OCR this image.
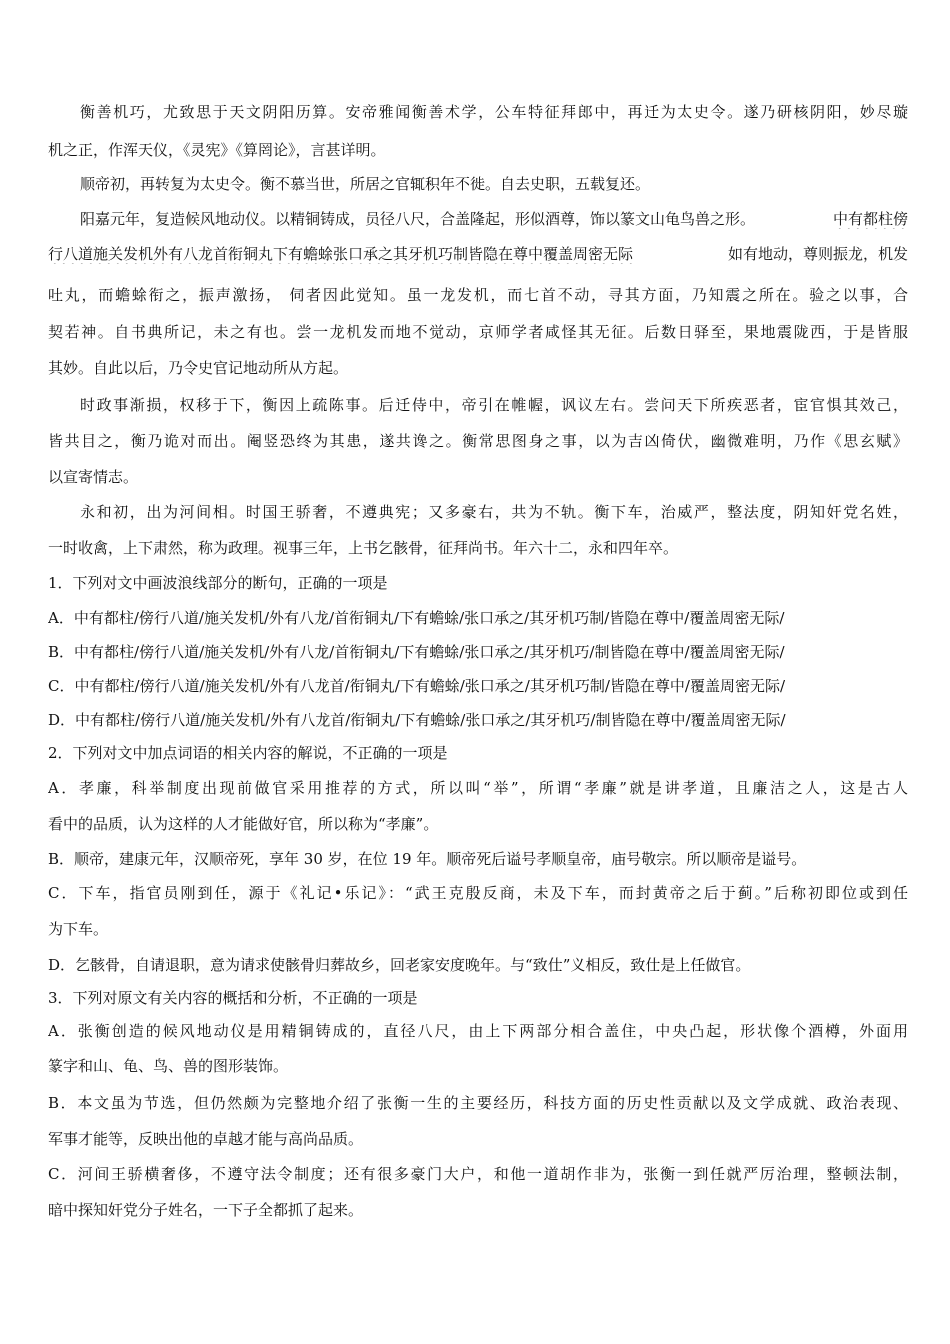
衡善机巧，尤致思于天文阴阳历算。安帝雅闻衡善术学，公车特征拜郎中，再迁为太史令。遂乃研核阴阳，妙尽璇
机之正，作浑天仪，《灵宪》《算罔论》，言甚详明。
顺帝初，再转复为太史令。衡不慕当世，所居之官辄积年不徙。自去史职，五载复还。
阳嘉元年，复造候风地动仪。以精铜铸成，员径八尺，合盖隆起，形似酒尊，饰以篆文山龟鸟兽之形。	中有都柱傍
行八道施关发机外有八龙首衔铜丸下有蟾蜍张口承之其牙机巧制皆隐在尊中覆盖周密无际	如有地动，尊则振龙，机发
吐丸，而蟾蜍衔之，振声激扬， 伺者因此觉知。虽一龙发机，而七首不动，寻其方面，乃知震之所在。验之以事，合
契若神。自书典所记，未之有也。尝一龙机发而地不觉动，京师学者咸怪其无征。后数日驿至，果地震陇西，于是皆服
其妙。自此以后，乃令史官记地动所从方起。
时政事渐损，权移于下，衡因上疏陈事。后迁侍中，帝引在帷幄，讽议左右。尝问天下所疾恶者，宦官惧其效己，
皆共目之，衡乃诡对而出。阉竖恐终为其患，遂共谗之。衡常思图身之事，以为吉凶倚伏，幽微难明，乃作《思玄赋》
以宣寄情志。
永和初，出为河间相。时国王骄奢，不遵典宪；又多豪右，共为不轨。衡下车，治威严，整法度，阴知奸党名姓，
一时收禽，上下肃然，称为政理。视事三年，上书乞骸骨，征拜尚书。年六十二，永和四年卒。
1．下列对文中画波浪线部分的断句，正确的一项是
A．中有都柱/傍行八道/施关发机/外有八龙/首衔铜丸/下有蟾蜍/张口承之/其牙机巧制/皆隐在尊中/覆盖周密无际/
B．中有都柱/傍行八道/施关发机/外有八龙/首衔铜丸/下有蟾蜍/张口承之/其牙机巧/制皆隐在尊中/覆盖周密无际/
C．中有都柱/傍行八道/施关发机/外有八龙首/衔铜丸/下有蟾蜍/张口承之/其牙机巧制/皆隐在尊中/覆盖周密无际/
D．中有都柱/傍行八道/施关发机/外有八龙首/衔铜丸/下有蟾蜍/张口承之/其牙机巧/制皆隐在尊中/覆盖周密无际/
2．下列对文中加点词语的相关内容的解说，不正确的一项是
A．孝廉，科举制度出现前做官采用推荐的方式，所以叫“举”，所谓“孝廉”就是讲孝道，且廉洁之人，这是古人
看中的品质，认为这样的人才能做好官，所以称为“孝廉”。
B．顺帝，建康元年，汉顺帝死，享年 30 岁，在位 19 年。顺帝死后谥号孝顺皇帝，庙号敬宗。所以顺帝是谥号。
C．下车，指官员刚到任，源于《礼记•乐记》：“武王克殷反商，未及下车，而封黄帝之后于蓟。”后称初即位或到任
为下车。
D．乞骸骨，自请退职，意为请求使骸骨归葬故乡，回老家安度晚年。与“致仕”义相反，致仕是上任做官。
3．下列对原文有关内容的概括和分析，不正确的一项是
A．张衡创造的候风地动仪是用精铜铸成的，直径八尺，由上下两部分相合盖住，中央凸起，形状像个酒樽，外面用
篆字和山、龟、鸟、兽的图形装饰。
B．本文虽为节选，但仍然颇为完整地介绍了张衡一生的主要经历，科技方面的历史性贡献以及文学成就、政治表现、
军事才能等，反映出他的卓越才能与高尚品质。
C．河间王骄横奢侈，不遵守法令制度；还有很多豪门大户，和他一道胡作非为，张衡一到任就严厉治理，整顿法制，
暗中探知奸党分子姓名，一下子全都抓了起来。
